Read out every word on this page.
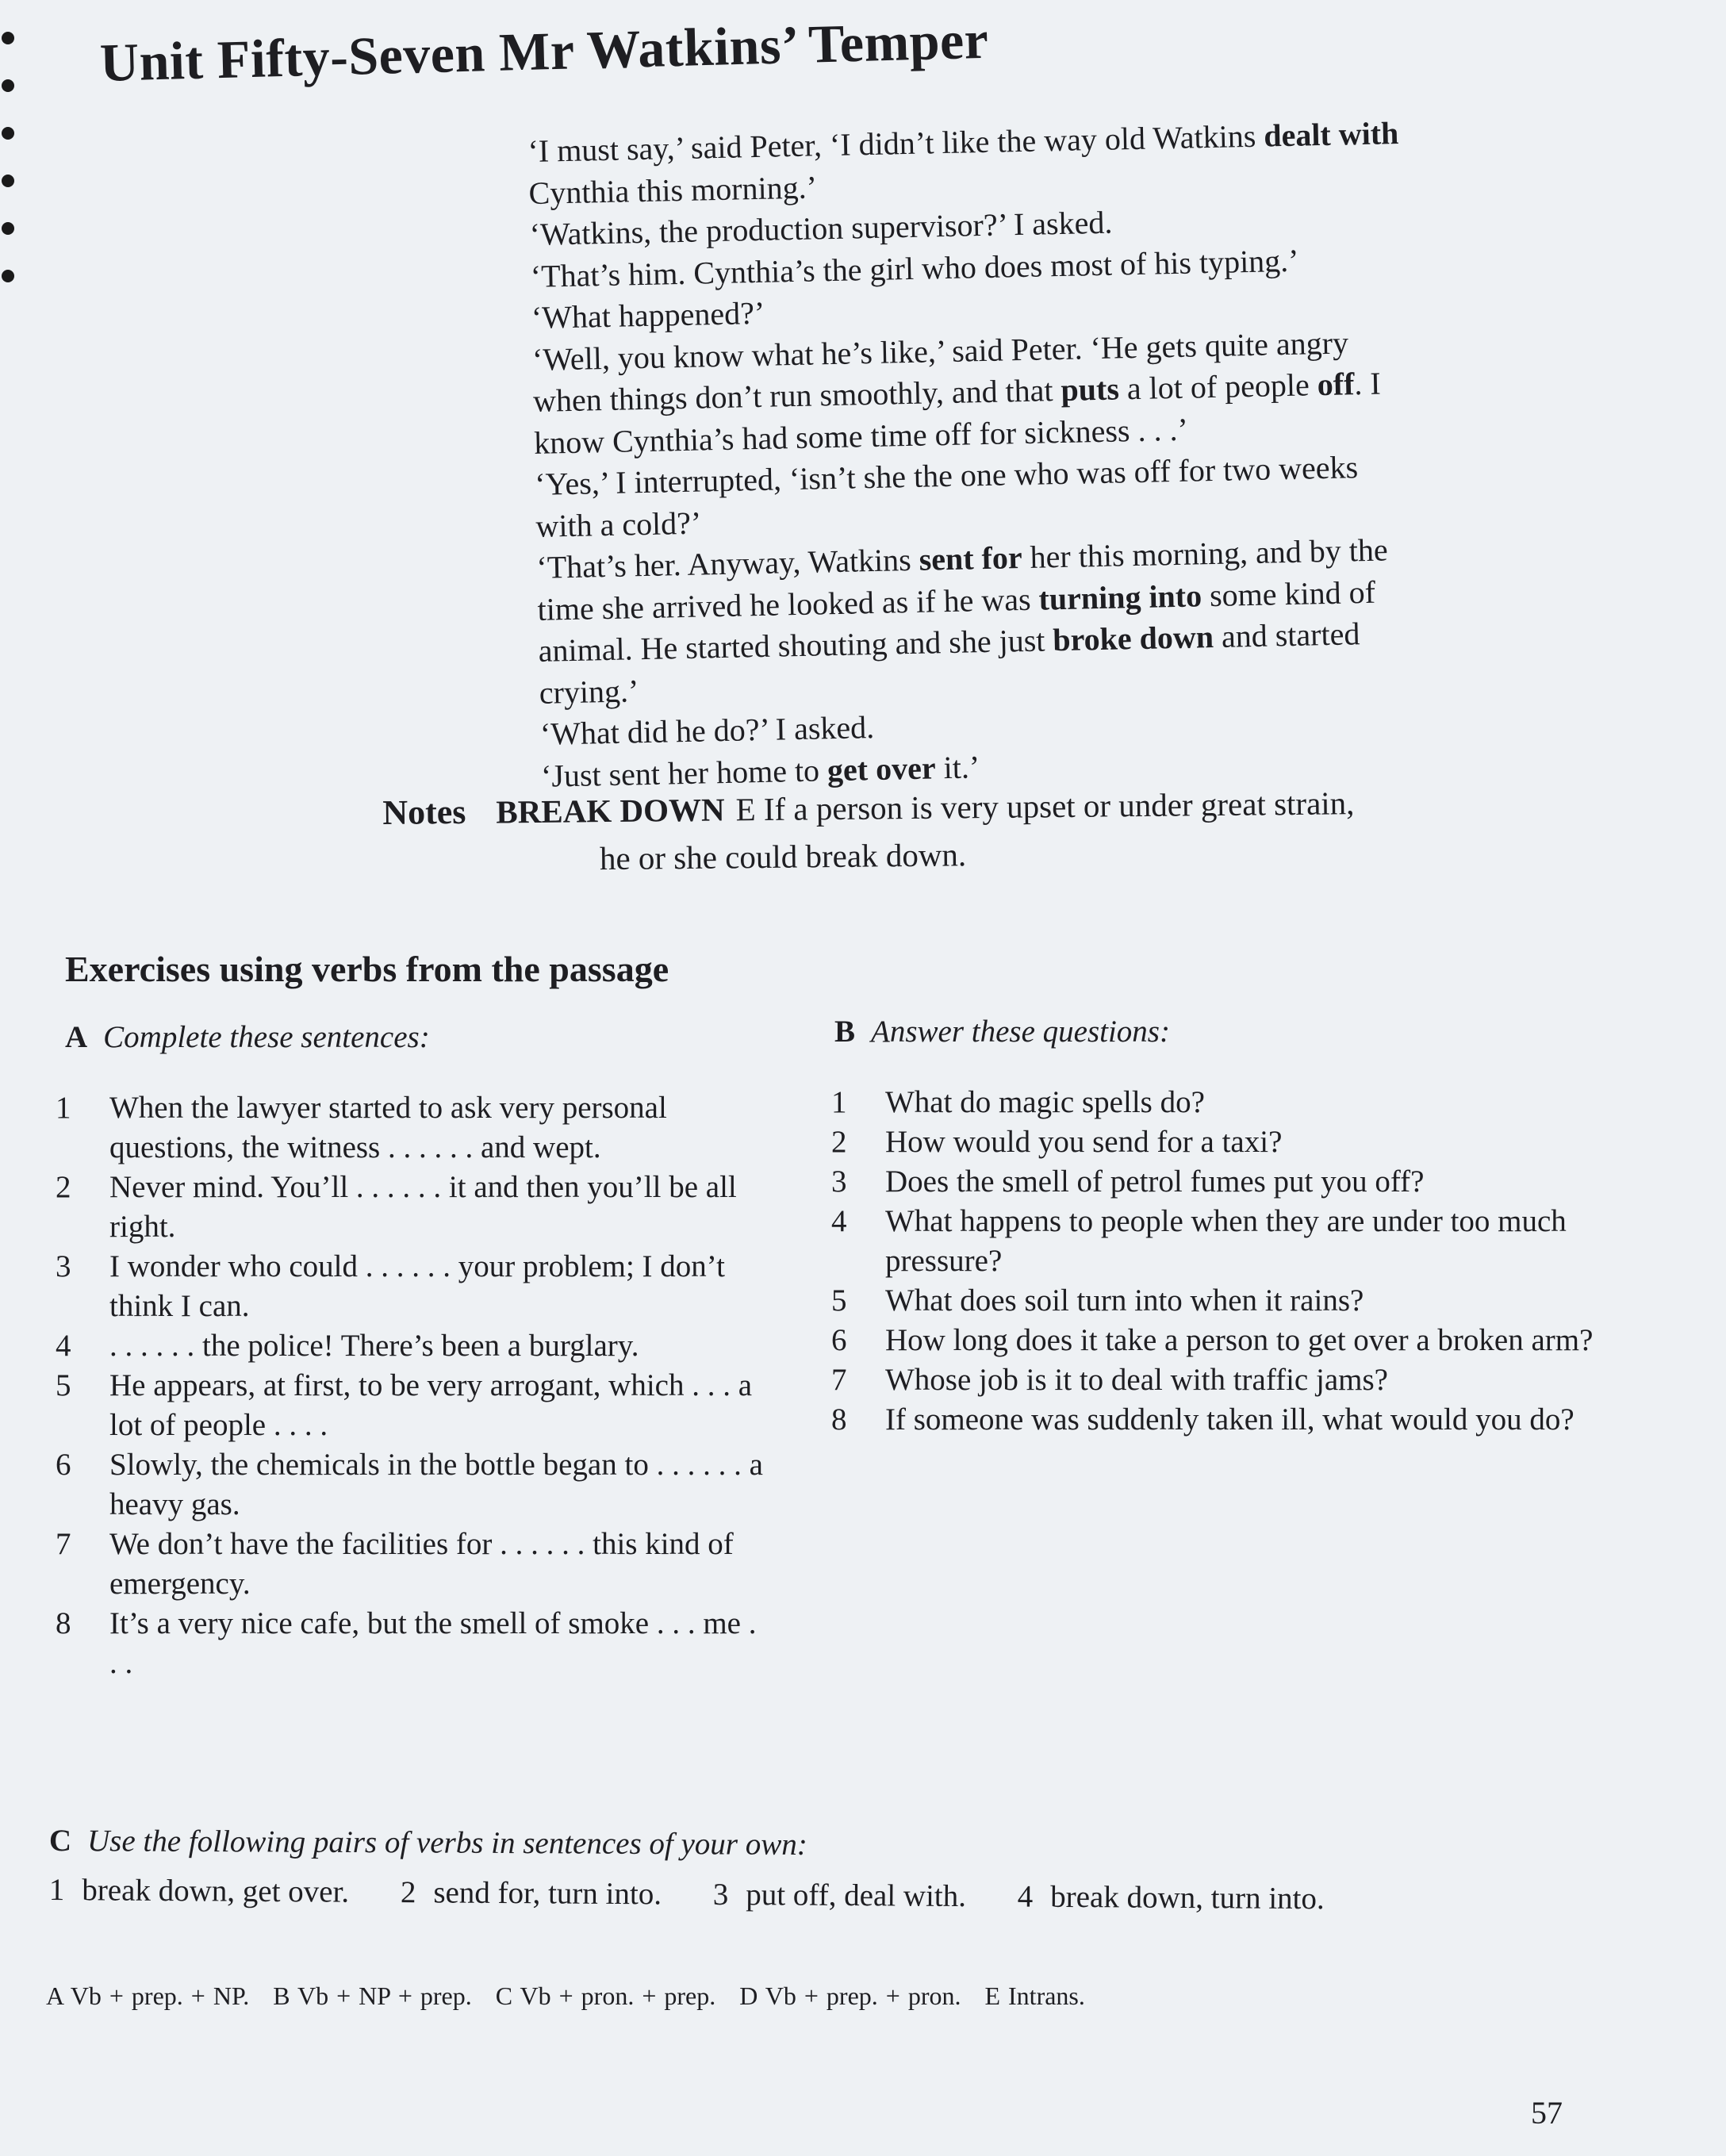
Unit Fifty-Seven Mr Watkins’ Temper

‘I must say,’ said Peter, ‘I didn’t like the way old Watkins dealt with

Cynthia this morning.’

‘Watkins, the production supervisor?’ I asked.

‘That’s him. Cynthia’s the girl who does most of his typing.’

‘What happened?’

‘Well, you know what he’s like,’ said Peter. ‘He gets quite angry

when things don’t run smoothly, and that puts a lot of people off. I

know Cynthia’s had some time off for sickness . . .’

‘Yes,’ I interrupted, ‘isn’t she the one who was off for two weeks

with a cold?’

‘That’s her. Anyway, Watkins sent for her this morning, and by the

time she arrived he looked as if he was turning into some kind of

animal. He started shouting and she just broke down and started

crying.’

‘What did he do?’ I asked.

‘Just sent her home to get over it.’

Notes BREAK DOWN E If a person is very upset or under great strain,
he or she could break down.
Exercises using verbs from the passage
A Complete these sentences:
1	When the lawyer started to ask very personal questions, the witness . . . . . . and wept.
2	Never mind. You’ll . . . . . . it and then you’ll be all right.
3	I wonder who could . . . . . . your problem; I don’t think I can.
4	. . . . . . the police! There’s been a burglary.
5	He appears, at first, to be very arrogant, which . . . a lot of people . . . .
6	Slowly, the chemicals in the bottle began to . . . . . . a heavy gas.
7	We don’t have the facilities for . . . . . . this kind of emergency.
8	It’s a very nice cafe, but the smell of smoke . . . me . . .
B Answer these questions:
1	What do magic spells do?
2	How would you send for a taxi?
3	Does the smell of petrol fumes put you off?
4	What happens to people when they are under too much pressure?
5	What does soil turn into when it rains?
6	How long does it take a person to get over a broken arm?
7	Whose job is it to deal with traffic jams?
8	If someone was suddenly taken ill, what would you do?
C Use the following pairs of verbs in sentences of your own:

1 break down, get over. 2 send for, turn into. 3 put off, deal with. 4 break down, turn into.

A Vb + prep. + NP. B Vb + NP + prep. C Vb + pron. + prep. D Vb + prep. + pron. E Intrans.

57
